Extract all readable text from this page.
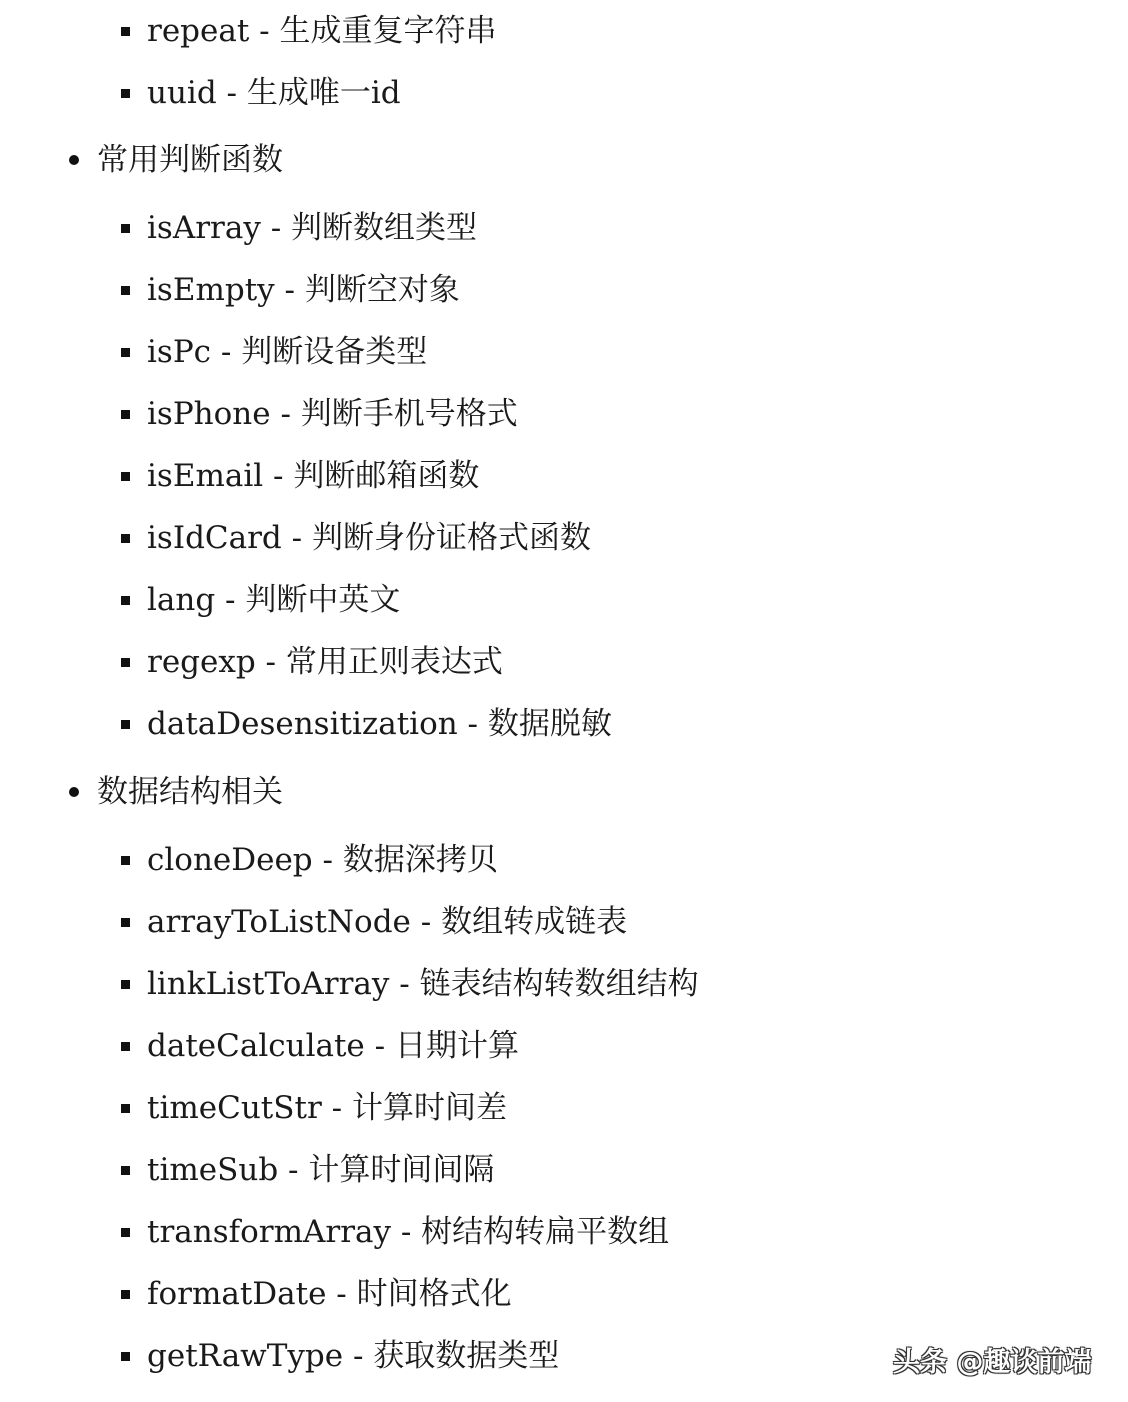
repeat - 生成重复字符串
uuid - 生成唯一id
常用判断函数
isArray - 判断数组类型
isEmpty - 判断空对象
isPc - 判断设备类型
isPhone - 判断手机号格式
isEmail - 判断邮箱函数
isIdCard - 判断身份证格式函数
lang - 判断中英文
regexp - 常用正则表达式
dataDesensitization - 数据脱敏
数据结构相关
cloneDeep - 数据深拷贝
arrayToListNode - 数组转成链表
linkListToArray - 链表结构转数组结构
dateCalculate - 日期计算
timeCutStr - 计算时间差
timeSub - 计算时间间隔
transformArray - 树结构转扁平数组
formatDate - 时间格式化
getRawType - 获取数据类型	头条 @趣谈前端
